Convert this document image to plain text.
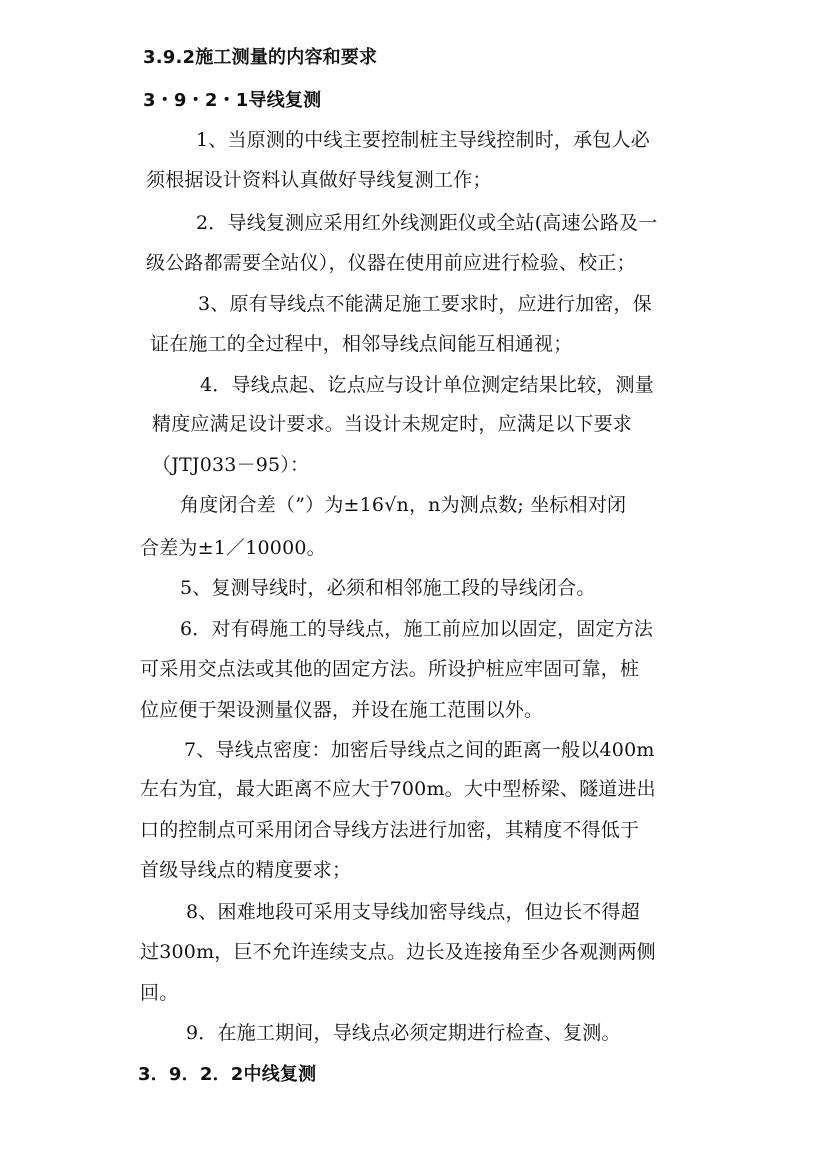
3.9.2施工测量的内容和要求
3・9・2・1导线复测
1、当原测的中线主要控制桩主导线控制时，承包人必
须根据设计资料认真做好导线复测工作；
2．导线复测应采用红外线测距仪或全站(高速公路及一
级公路都需要全站仪），仪器在使用前应进行检验、校正；
3、原有导线点不能满足施工要求时，应进行加密，保
证在施工的全过程中，相邻导线点间能互相通视；
4．导线点起、讫点应与设计单位测定结果比较，测量
精度应满足设计要求。当设计未规定时，应满足以下要求
（JTJ033－95）：
角度闭合差（”）为±16√n，n为测点数; 坐标相对闭
合差为±1／10000。
5、复测导线时，必须和相邻施工段的导线闭合。
6．对有碍施工的导线点，施工前应加以固定，固定方法
可采用交点法或其他的固定方法。所设护桩应牢固可靠，桩
位应便于架设测量仪器，并设在施工范围以外。
7、导线点密度：加密后导线点之间的距离一般以400m
左右为宜，最大距离不应大于700m。大中型桥梁、隧道进出
口的控制点可采用闭合导线方法进行加密，其精度不得低于
首级导线点的精度要求；
8、困难地段可采用支导线加密导线点，但边长不得超
过300m，巨不允许连续支点。边长及连接角至少各观测两侧
回。
9．在施工期间，导线点必须定期进行检查、复测。
3．9．2．2中线复测
